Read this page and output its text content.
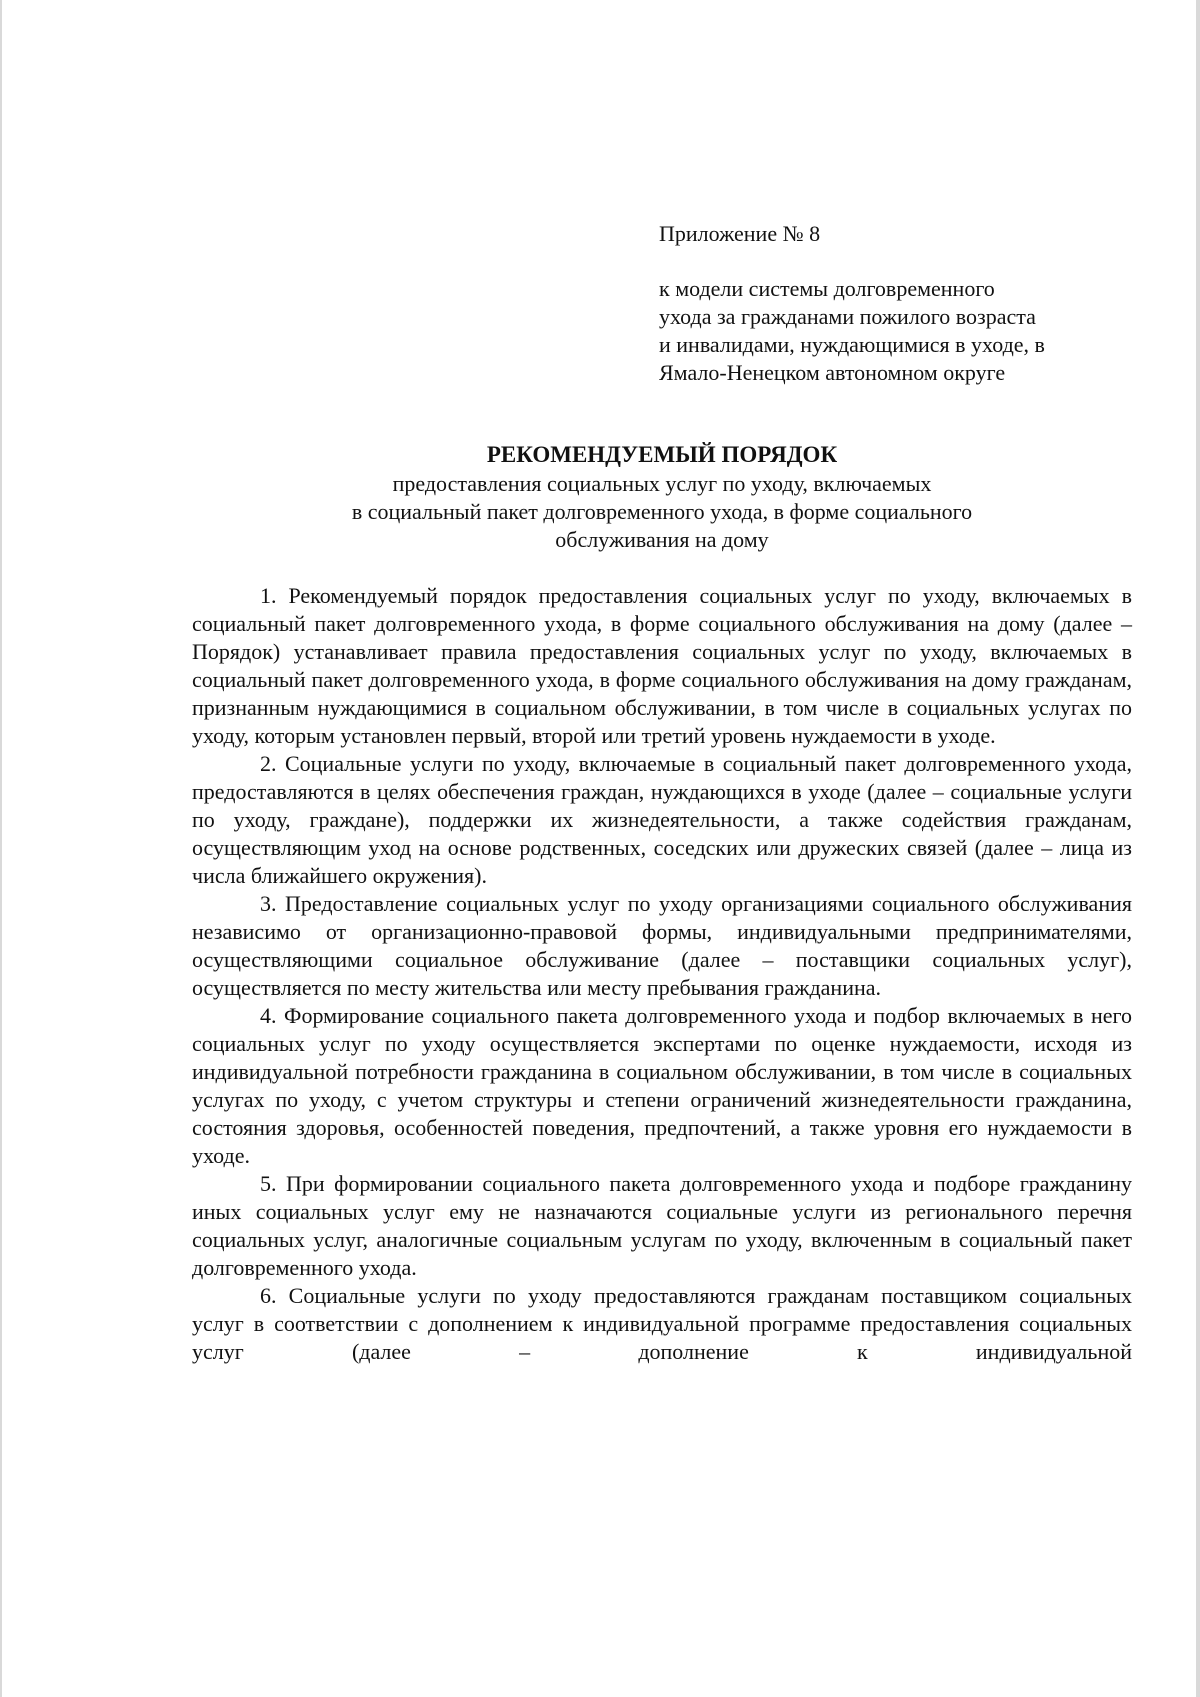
Приложение № 8
к модели системы долговременного
ухода за гражданами пожилого возраста
и инвалидами, нуждающимися в уходе, в
Ямало-Ненецком автономном округе
РЕКОМЕНДУЕМЫЙ ПОРЯДОК
предоставления социальных услуг по уходу, включаемых
в социальный пакет долговременного ухода, в форме социального
обслуживания на дому

1. Рекомендуемый порядок предоставления социальных услуг по уходу, включаемых в социальный пакет долговременного ухода, в форме социального обслуживания на дому (далее – Порядок) устанавливает правила предоставления социальных услуг по уходу, включаемых в социальный пакет долговременного ухода, в форме социального обслуживания на дому гражданам, признанным нуждающимися в социальном обслуживании, в том числе в социальных услугах по уходу, которым установлен первый, второй или третий уровень нуждаемости в уходе.

2. Социальные услуги по уходу, включаемые в социальный пакет долговременного ухода, предоставляются в целях обеспечения граждан, нуждающихся в уходе (далее – социальные услуги по уходу, граждане), поддержки их жизнедеятельности, а также содействия гражданам, осуществляющим уход на основе родственных, соседских или дружеских связей (далее – лица из числа ближайшего окружения).

3. Предоставление социальных услуг по уходу организациями социального обслуживания независимо от организационно-правовой формы, индивидуальными предпринимателями, осуществляющими социальное обслуживание (далее – поставщики социальных услуг), осуществляется по месту жительства или месту пребывания гражданина.

4. Формирование социального пакета долговременного ухода и подбор включаемых в него социальных услуг по уходу осуществляется экспертами по оценке нуждаемости, исходя из индивидуальной потребности гражданина в социальном обслуживании, в том числе в социальных услугах по уходу, с учетом структуры и степени ограничений жизнедеятельности гражданина, состояния здоровья, особенностей поведения, предпочтений, а также уровня его нуждаемости в уходе.

5. При формировании социального пакета долговременного ухода и подборе гражданину иных социальных услуг ему не назначаются социальные услуги из регионального перечня социальных услуг, аналогичные социальным услугам по уходу, включенным в социальный пакет долговременного ухода.

6. Социальные услуги по уходу предоставляются гражданам поставщиком социальных услуг в соответствии с дополнением к индивидуальной программе предоставления социальных услуг (далее – дополнение к индивидуальной
